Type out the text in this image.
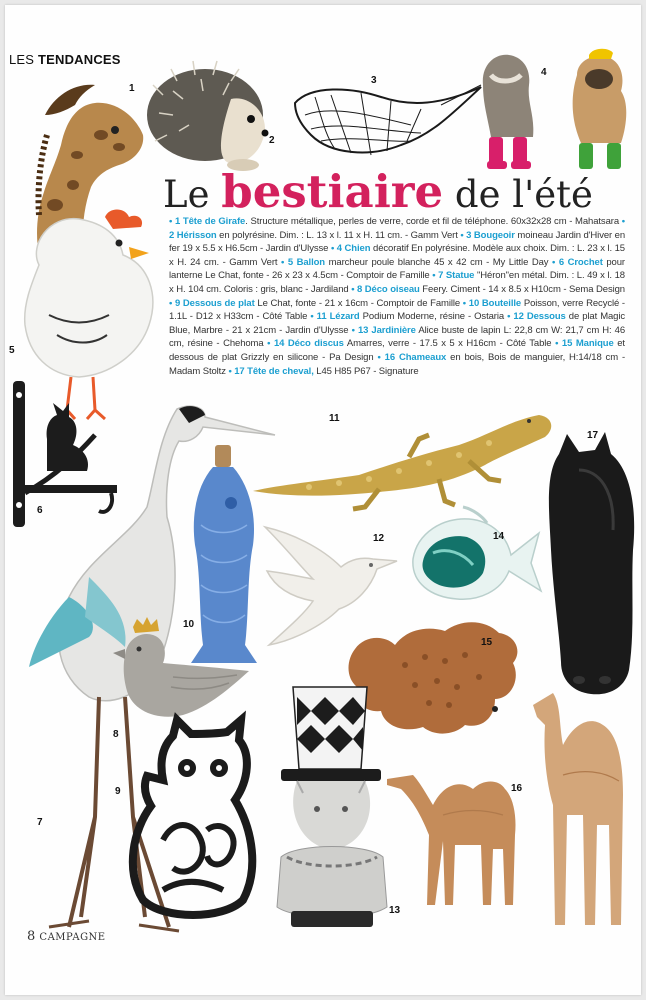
LES TENDANCES
1
2
3
4
Le bestiaire de l'été
• 1 Tête de Girafe. Structure métallique, perles de verre, corde et fil de téléphone. 60x32x28 cm - Mahatsara • 2 Hérisson en polyrésine. Dim. : L. 13 x l. 11 x H. 11 cm. - Gamm Vert • 3 Bougeoir moineau Jardin d'Hiver en fer 19 x 5.5 x H6.5cm - Jardin d'Ulysse • 4 Chien décoratif En polyrésine. Modèle aux choix. Dim. : L. 23 x l. 15 x H. 24 cm. - Gamm Vert • 5 Ballon marcheur poule blanche 45 x 42 cm - My Little Day • 6 Crochet pour lanterne Le Chat, fonte - 26 x 23 x 4.5cm - Comptoir de Famille • 7 Statue "Héron"en métal. Dim. : L. 49 x l. 18 x H. 104 cm. Coloris : gris, blanc - Jardiland • 8 Déco oiseau Feery. Ciment - 14 x 8.5 x H10cm - Sema Design • 9 Dessous de plat Le Chat, fonte - 21 x 16cm - Comptoir de Famille • 10 Bouteille Poisson, verre Recyclé - 1.1L - D12 x H33cm - Côté Table • 11 Lézard Podium Moderne, résine - Ostaria • 12 Dessous de plat Magic Blue, Marbre - 21 x 21cm - Jardin d'Ulysse • 13 Jardinière Alice buste de lapin L: 22,8 cm W: 21,7 cm H: 46 cm, résine - Chehoma • 14 Déco discus Amarres, verre - 17.5 x 5 x H16cm - Côté Table • 15 Manique et dessous de plat Grizzly en silicone - Pa Design • 16 Chameaux en bois, Bois de manguier, H:14/18 cm - Madam Stoltz • 17 Tête de cheval, L45 H85 P67 - Signature
5
6
7
8
9
10
11
12	14
17
15
13
16
8 CAMPAGNE
